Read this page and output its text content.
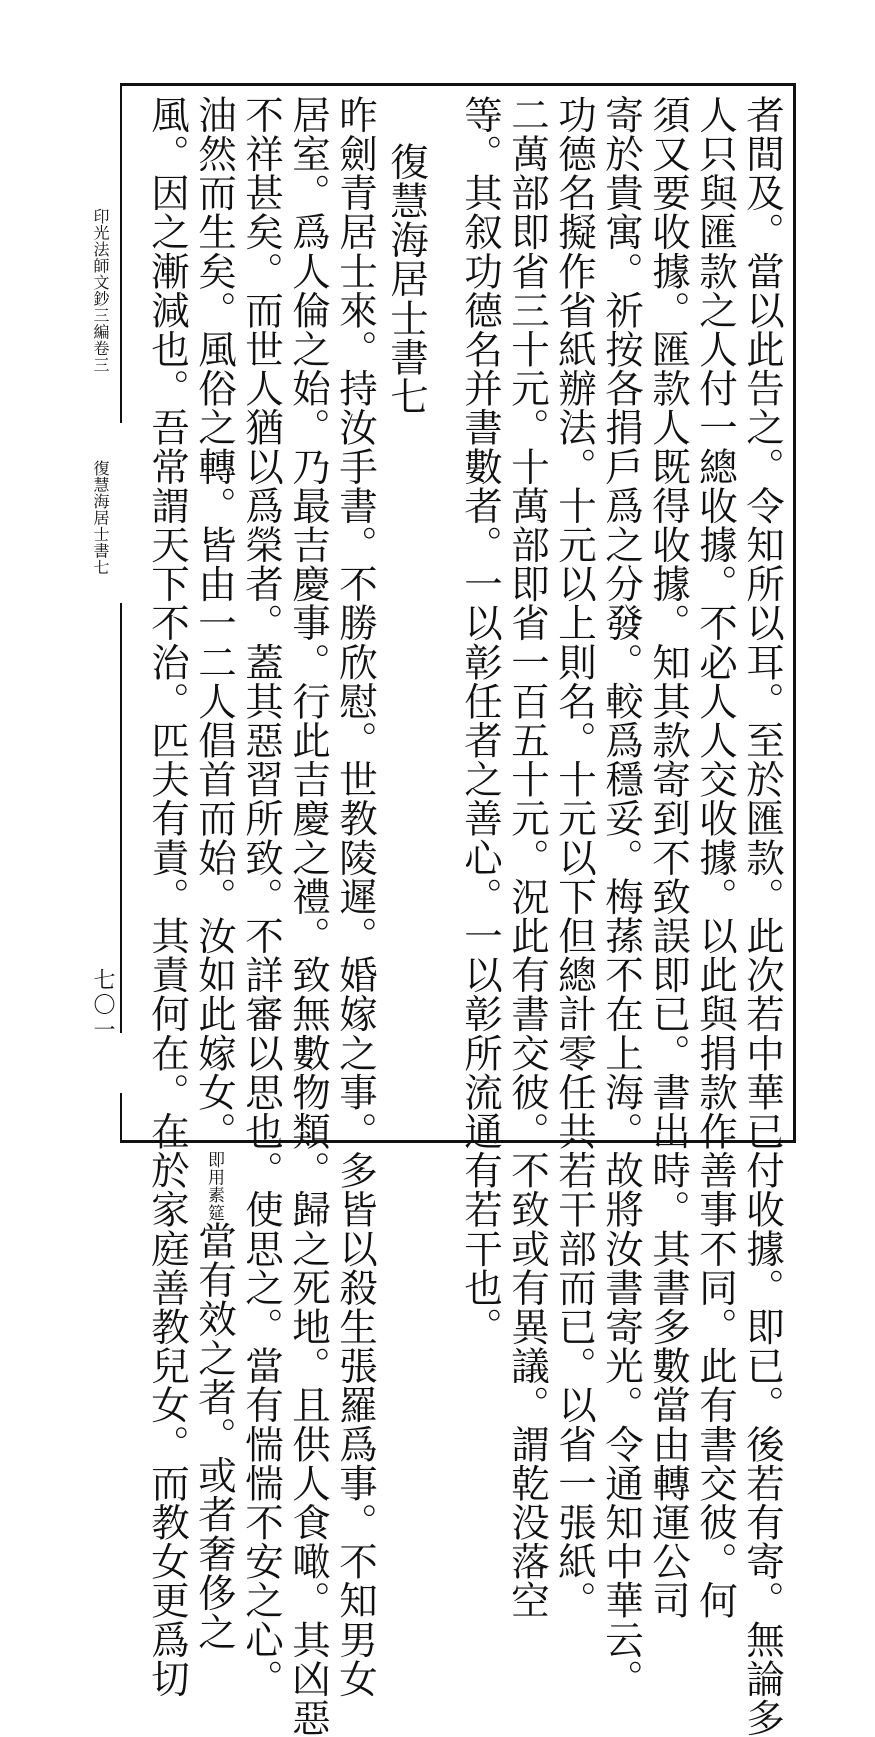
印光法師文鈔三編卷三
復慧海居士書七
七〇一	者間及。當以此告之。令知所以耳。至於匯款。此次若中華已付收據。即已。後若有寄。無論多
人只與匯款之人付一總收據。不必人人交收據。以此與捐款作善事不同。此有書交彼。何
須又要收據。匯款人既得收據。知其款寄到不致誤即已。書出時。其書多數當由轉運公司
寄於貴寓。祈按各捐戶爲之分發。較爲穩妥。梅蓀不在上海。故將汝書寄光。令通知中華云。
功德名擬作省紙辦法。十元以上則名。十元以下但總計零任共若干部而已。以省一張紙。
二萬部即省三十元。十萬部即省一百五十元。況此有書交彼。不致或有異議。謂乾没落空
等。其叙功德名并書數者。一以彰任者之善心。一以彰所流通有若干也。
復慧海居士書七
昨劍青居士來。持汝手書。不勝欣慰。世教陵遲。婚嫁之事。多皆以殺生張羅爲事。不知男女
居室。爲人倫之始。乃最吉慶事。行此吉慶之禮。致無數物類。歸之死地。且供人食噉。其凶惡
不祥甚矣。而世人猶以爲榮者。蓋其惡習所致。不詳審以思也。使思之。當有惴惴不安之心。
油然而生矣。風俗之轉。皆由一二人倡首而始。汝如此嫁女。即用素筵當有效之者。或者奢侈之
風。因之漸減也。吾常謂天下不治。匹夫有責。其責何在。在於家庭善教兒女。而教女更爲切
